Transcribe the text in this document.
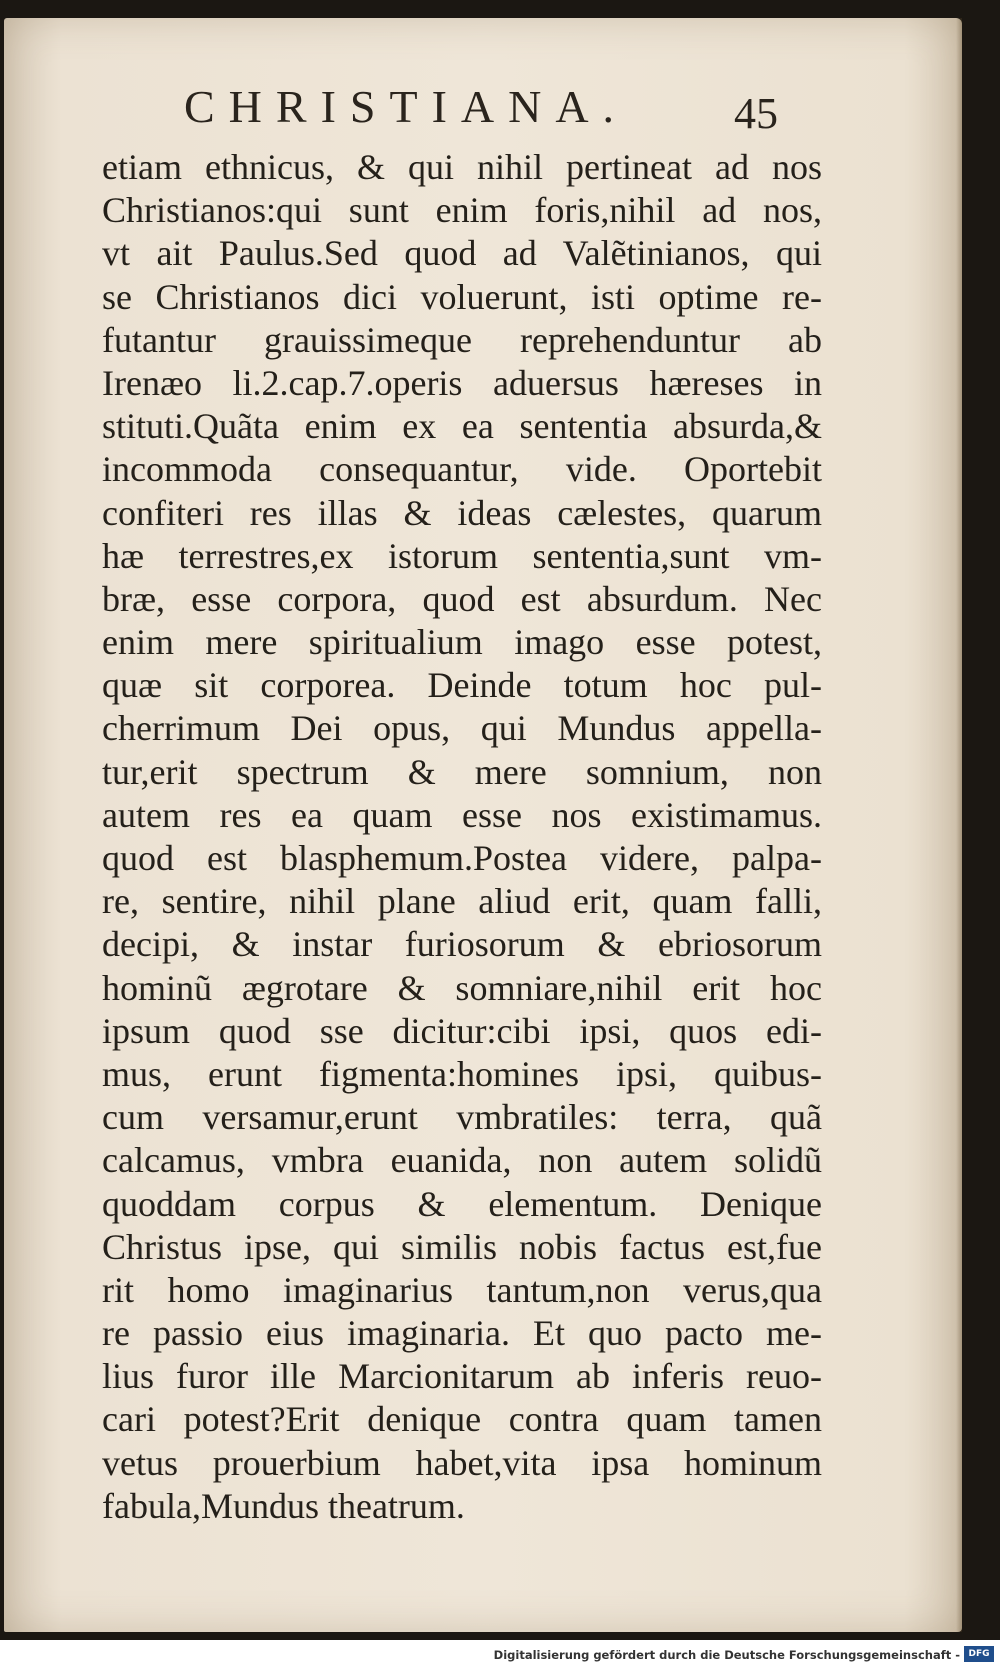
CHRISTIANA. 45
etiam ethnicus, & qui nihil pertineat ad nos
Christianos:qui sunt enim foris,nihil ad nos,
vt ait Paulus.Sed quod ad Valẽtinianos, qui
se Christianos dici voluerunt, isti optime re-
futantur grauissimeque reprehenduntur ab
Irenæo li.2.cap.7.operis aduersus hæreses in
stituti.Quãta enim ex ea sententia absurda,&
incommoda consequantur, vide. Oportebit
confiteri res illas & ideas cælestes, quarum
hæ terrestres,ex istorum sententia,sunt vm-
bræ, esse corpora, quod est absurdum. Nec
enim mere spiritualium imago esse potest,
quæ sit corporea. Deinde totum hoc pul-
cherrimum Dei opus, qui Mundus appella-
tur,erit spectrum & mere somnium, non
autem res ea quam esse nos existimamus.
quod est blasphemum.Postea videre, palpa-
re, sentire, nihil plane aliud erit, quam falli,
decipi, & instar furiosorum & ebriosorum
hominũ ægrotare & somniare,nihil erit hoc
ipsum quod sse dicitur:cibi ipsi, quos edi-
mus, erunt figmenta:homines ipsi, quibus-
cum versamur,erunt vmbratiles: terra, quã
calcamus, vmbra euanida, non autem solidũ
quoddam corpus & elementum. Denique
Christus ipse, qui similis nobis factus est,fue
rit homo imaginarius tantum,non verus,qua
re passio eius imaginaria. Et quo pacto me-
lius furor ille Marcionitarum ab inferis reuo-
cari potest?Erit denique contra quam tamen
vetus prouerbium habet,vita ipsa hominum
fabula,Mundus theatrum.
Digitalisierung gefördert durch die Deutsche Forschungsgemeinschaft - DFG
